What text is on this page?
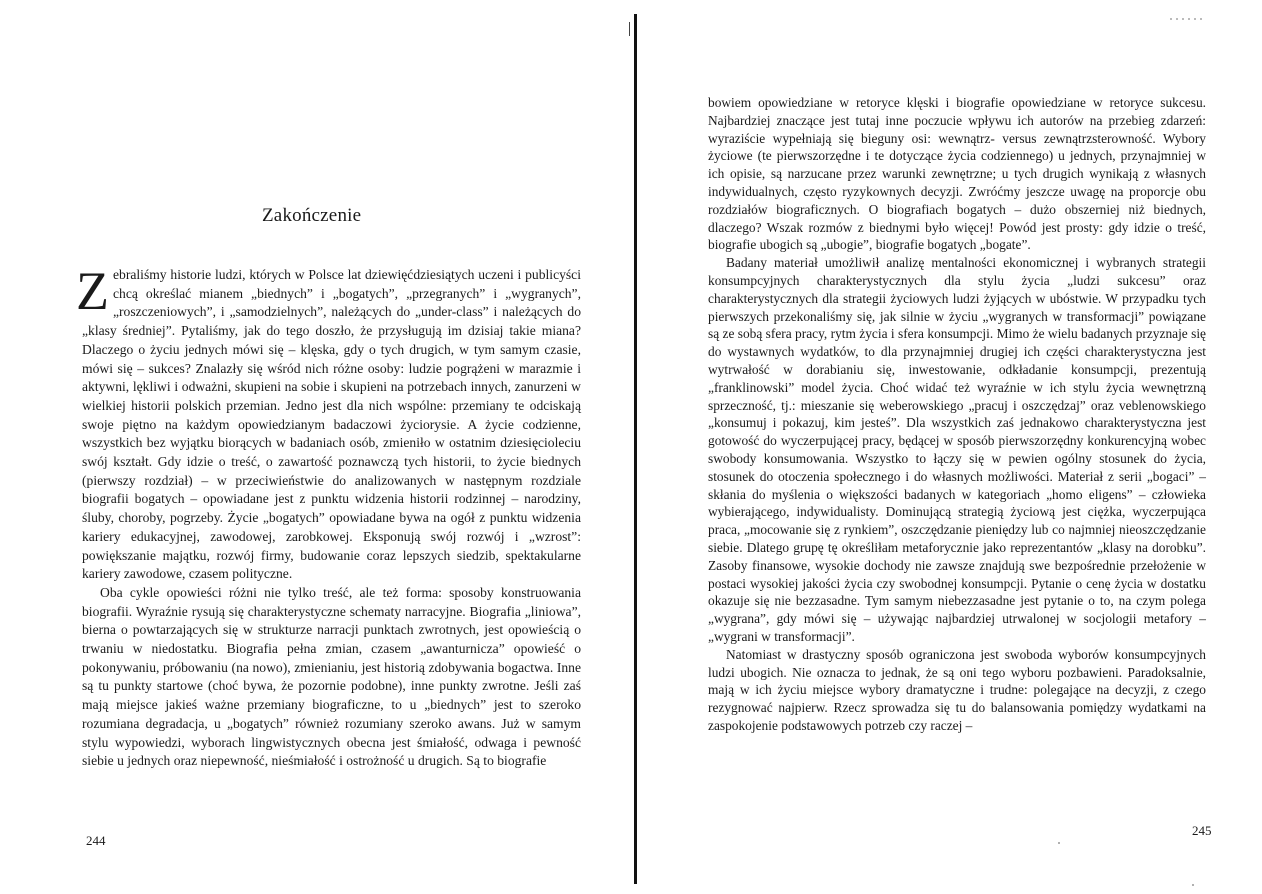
Zakończenie

Zebraliśmy historie ludzi, których w Polsce lat dziewięćdziesiątych uczeni i publicyści chcą określać mianem „biednych” i „bogatych”, „przegranych” i „wygranych”, „roszczeniowych”, i „samodzielnych”, należących do „under-class” i należących do „klasy średniej”. Pytaliśmy, jak do tego doszło, że przysługują im dzisiaj takie miana? Dlaczego o życiu jednych mówi się – klęska, gdy o tych drugich, w tym samym czasie, mówi się – sukces? Znalazły się wśród nich różne osoby: ludzie pogrążeni w marazmie i aktywni, lękliwi i odważni, skupieni na sobie i skupieni na potrzebach innych, zanurzeni w wielkiej historii polskich przemian. Jedno jest dla nich wspólne: przemiany te odciskają swoje piętno na każdym opowiedzianym badaczowi życiorysie. A życie codzienne, wszystkich bez wyjątku biorących w badaniach osób, zmieniło w ostatnim dziesięcioleciu swój kształt. Gdy idzie o treść, o zawartość poznawczą tych historii, to życie biednych (pierwszy rozdział) – w przeciwieństwie do analizowanych w następnym rozdziale biografii bogatych – opowiadane jest z punktu widzenia historii rodzinnej – narodziny, śluby, choroby, pogrzeby. Życie „bogatych” opowiadane bywa na ogół z punktu widzenia kariery edukacyjnej, zawodowej, zarobkowej. Eksponują swój rozwój i „wzrost”: powiększanie majątku, rozwój firmy, budowanie coraz lepszych siedzib, spektakularne kariery zawodowe, czasem polityczne.

Oba cykle opowieści różni nie tylko treść, ale też forma: sposoby konstruowania biografii. Wyraźnie rysują się charakterystyczne schematy narracyjne. Biografia „liniowa”, bierna o powtarzających się w strukturze narracji punktach zwrotnych, jest opowieścią o trwaniu w niedostatku. Biografia pełna zmian, czasem „awanturnicza” opowieść o pokonywaniu, próbowaniu (na nowo), zmienianiu, jest historią zdobywania bogactwa. Inne są tu punkty startowe (choć bywa, że pozornie podobne), inne punkty zwrotne. Jeśli zaś mają miejsce jakieś ważne przemiany biograficzne, to u „biednych” jest to szeroko rozumiana degradacja, u „bogatych” również rozumiany szeroko awans. Już w samym stylu wypowiedzi, wyborach lingwistycznych obecna jest śmiałość, odwaga i pewność siebie u jednych oraz niepewność, nieśmiałość i ostrożność u drugich. Są to biografie

244

bowiem opowiedziane w retoryce klęski i biografie opowiedziane w retoryce sukcesu. Najbardziej znaczące jest tutaj inne poczucie wpływu ich autorów na przebieg zdarzeń: wyraziście wypełniają się bieguny osi: wewnątrz- versus zewnątrzsterowność. Wybory życiowe (te pierwszorzędne i te dotyczące życia codziennego) u jednych, przynajmniej w ich opisie, są narzucane przez warunki zewnętrzne; u tych drugich wynikają z własnych indywidualnych, często ryzykownych decyzji. Zwróćmy jeszcze uwagę na proporcje obu rozdziałów biograficznych. O biografiach bogatych – dużo obszerniej niż biednych, dlaczego? Wszak rozmów z biednymi było więcej! Powód jest prosty: gdy idzie o treść, biografie ubogich są „ubogie”, biografie bogatych „bogate”.

Badany materiał umożliwił analizę mentalności ekonomicznej i wybranych strategii konsumpcyjnych charakterystycznych dla stylu życia „ludzi sukcesu” oraz charakterystycznych dla strategii życiowych ludzi żyjących w ubóstwie. W przypadku tych pierwszych przekonaliśmy się, jak silnie w życiu „wygranych w transformacji” powiązane są ze sobą sfera pracy, rytm życia i sfera konsumpcji. Mimo że wielu badanych przyznaje się do wystawnych wydatków, to dla przynajmniej drugiej ich części charakterystyczna jest wytrwałość w dorabianiu się, inwestowanie, odkładanie konsumpcji, prezentują „franklinowski” model życia. Choć widać też wyraźnie w ich stylu życia wewnętrzną sprzeczność, tj.: mieszanie się weberowskiego „pracuj i oszczędzaj” oraz veblenowskiego „konsumuj i pokazuj, kim jesteś”. Dla wszystkich zaś jednakowo charakterystyczna jest gotowość do wyczerpującej pracy, będącej w sposób pierwszorzędny konkurencyjną wobec swobody konsumowania. Wszystko to łączy się w pewien ogólny stosunek do życia, stosunek do otoczenia społecznego i do własnych możliwości. Materiał z serii „bogaci” – skłania do myślenia o większości badanych w kategoriach „homo eligens” – człowieka wybierającego, indywidualisty. Dominującą strategią życiową jest ciężka, wyczerpująca praca, „mocowanie się z rynkiem”, oszczędzanie pieniędzy lub co najmniej nieoszczędzanie siebie. Dlatego grupę tę określiłam metaforycznie jako reprezentantów „klasy na dorobku”. Zasoby finansowe, wysokie dochody nie zawsze znajdują swe bezpośrednie przełożenie w postaci wysokiej jakości życia czy swobodnej konsumpcji. Pytanie o cenę życia w dostatku okazuje się nie bezzasadne. Tym samym niebezzasadne jest pytanie o to, na czym polega „wygrana”, gdy mówi się – używając najbardziej utrwalonej w socjologii metafory – „wygrani w transformacji”.

Natomiast w drastyczny sposób ograniczona jest swoboda wyborów konsumpcyjnych ludzi ubogich. Nie oznacza to jednak, że są oni tego wyboru pozbawieni. Paradoksalnie, mają w ich życiu miejsce wybory dramatyczne i trudne: polegające na decyzji, z czego rezygnować najpierw. Rzecz sprowadza się tu do balansowania pomiędzy wydatkami na zaspokojenie podstawowych potrzeb czy raczej –

245
